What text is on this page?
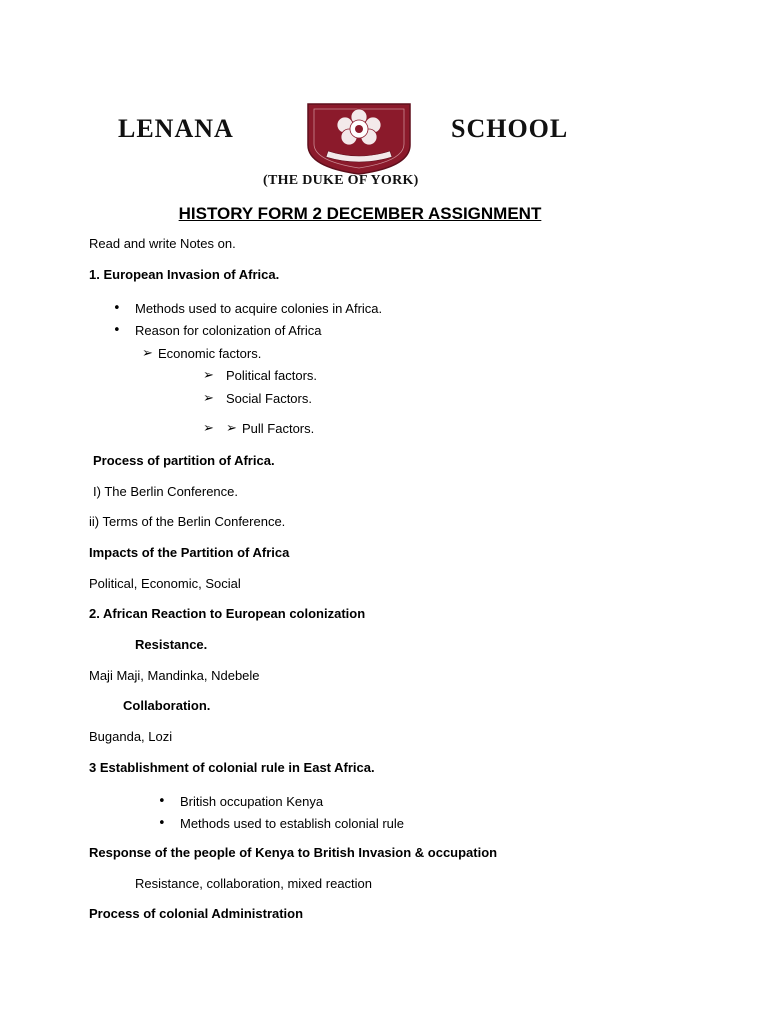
LENANA	SCHOOL
(THE DUKE OF YORK)
HISTORY FORM 2 DECEMBER ASSIGNMENT
Read and write Notes on.
1. European Invasion of Africa.
• Methods used to acquire colonies in Africa.
• Reason for colonization of Africa
➢ Economic factors.
➢ Political factors.
➢ Social Factors.
➢ ➢ Pull Factors.
Process of partition of Africa.
I) The Berlin Conference.
ii) Terms of the Berlin Conference.
Impacts of the Partition of Africa
Political, Economic, Social
2. African Reaction to European colonization
Resistance.
Maji Maji, Mandinka, Ndebele
Collaboration.
Buganda, Lozi
3 Establishment of colonial rule in East Africa.
• British occupation Kenya
• Methods used to establish colonial rule
Response of the people of Kenya to British Invasion & occupation
Resistance, collaboration, mixed reaction
Process of colonial Administration
